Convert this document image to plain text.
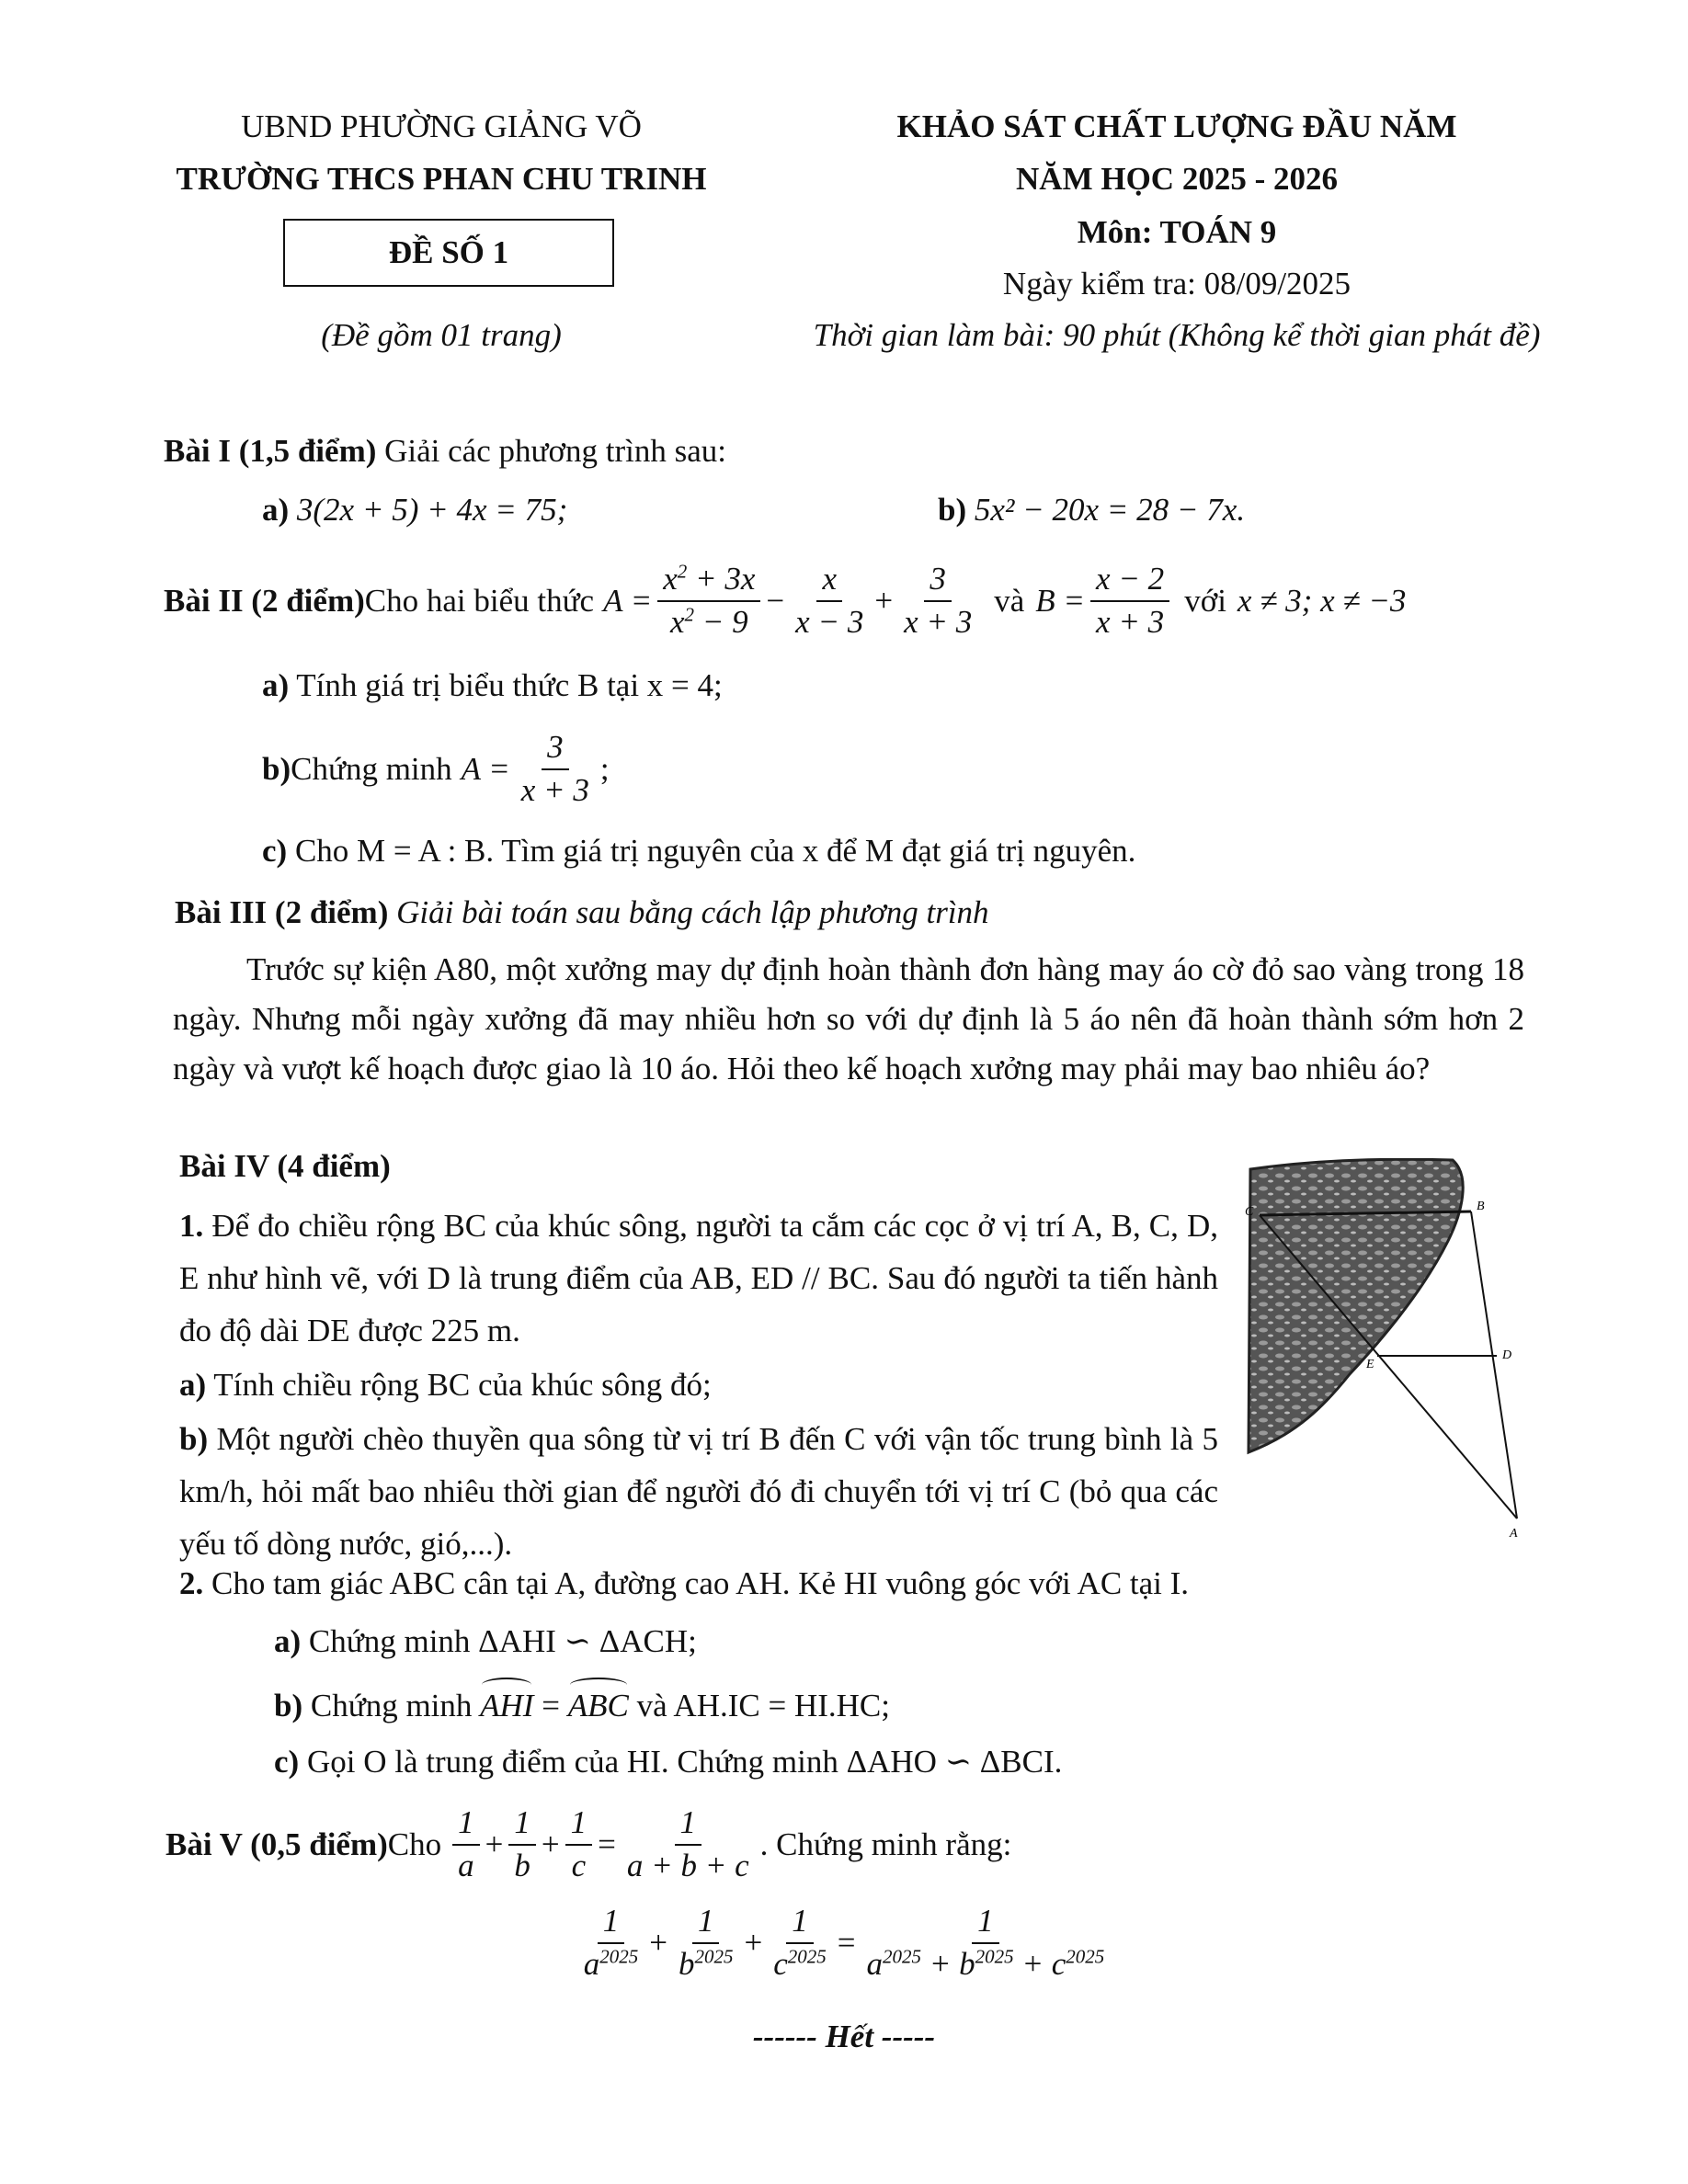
UBND PHƯỜNG GIẢNG VÕ
TRƯỜNG THCS PHAN CHU TRINH
ĐỀ SỐ 1
(Đề gồm 01 trang)
KHẢO SÁT CHẤT LƯỢNG ĐẦU NĂM
NĂM HỌC 2025 - 2026
Môn: TOÁN 9
Ngày kiểm tra: 08/09/2025
Thời gian làm bài: 90 phút (Không kể thời gian phát đề)
Bài I (1,5 điểm) Giải các phương trình sau:
a) 3(2x + 5) + 4x = 75;	b) 5x² − 20x = 28 − 7x.
Bài II (2 điểm) Cho hai biểu thức $A = \frac{x^2 + 3x}{x^2 - 9} - \frac{x}{x - 3} + \frac{3}{x + 3}$ và $B = \frac{x - 2}{x + 3}$ với x ≠ 3; x ≠ −3
a) Tính giá trị biểu thức B tại x = 4;
b) Chứng minh $A = \frac{3}{x + 3}$ ;
c) Cho M = A : B. Tìm giá trị nguyên của x để M đạt giá trị nguyên.
Bài III (2 điểm) Giải bài toán sau bằng cách lập phương trình
Trước sự kiện A80, một xưởng may dự định hoàn thành đơn hàng may áo cờ đỏ sao vàng trong 18 ngày. Nhưng mỗi ngày xưởng đã may nhiều hơn so với dự định là 5 áo nên đã hoàn thành sớm hơn 2 ngày và vượt kế hoạch được giao là 10 áo. Hỏi theo kế hoạch xưởng may phải may bao nhiêu áo?
Bài IV (4 điểm)
1. Để đo chiều rộng BC của khúc sông, người ta cắm các cọc ở vị trí A, B, C, D, E như hình vẽ, với D là trung điểm của AB, ED // BC. Sau đó người ta tiến hành đo độ dài DE được 225 m.
a) Tính chiều rộng BC của khúc sông đó;
b) Một người chèo thuyền qua sông từ vị trí B đến C với vận tốc trung bình là 5 km/h, hỏi mất bao nhiêu thời gian để người đó đi chuyển tới vị trí C (bỏ qua các yếu tố dòng nước, gió,...).
C	B
E
D
A
2. Cho tam giác ABC cân tại A, đường cao AH. Kẻ HI vuông góc với AC tại I.
a) Chứng minh ΔAHI ∽ ΔACH;
b) Chứng minh AHI = ABC và AH.IC = HI.HC;
c) Gọi O là trung điểm của HI. Chứng minh ΔAHO ∽ ΔBCI.
Bài V (0,5 điểm) Cho $\frac{1}{a} + \frac{1}{b} + \frac{1}{c} = \frac{1}{a + b + c}$ . Chứng minh rằng:
$\frac{1}{a^{2025}} + \frac{1}{b^{2025}} + \frac{1}{c^{2025}} = \frac{1}{a^{2025} + b^{2025} + c^{2025}}$
------ Hết -----
